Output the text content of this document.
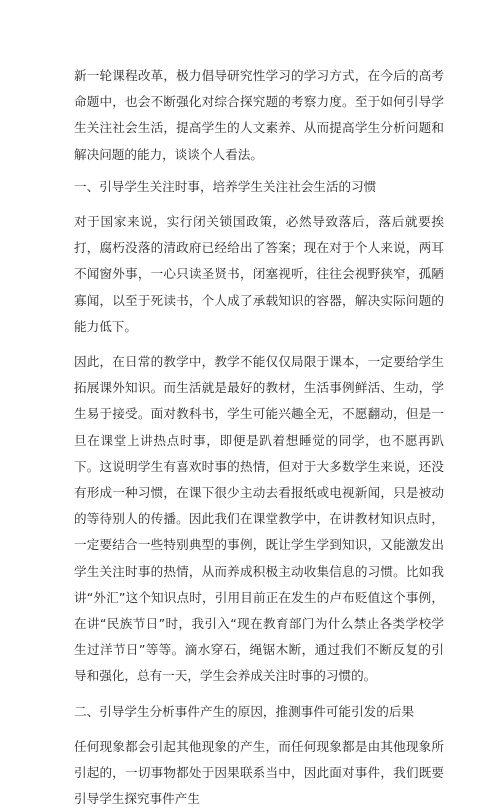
新一轮课程改革，极力倡导研究性学习的学习方式，在今后的高考命题中，也会不断强化对综合探究题的考察力度。至于如何引导学生关注社会生活，提高学生的人文素养、从而提高学生分析问题和解决问题的能力，谈谈个人看法。

一、引导学生关注时事，培养学生关注社会生活的习惯

对于国家来说，实行闭关锁国政策，必然导致落后，落后就要挨打，腐朽没落的清政府已经给出了答案；现在对于个人来说，两耳不闻窗外事，一心只读圣贤书，闭塞视听，往往会视野狭窄，孤陋寡闻，以至于死读书，个人成了承载知识的容器，解决实际问题的能力低下。

因此，在日常的教学中，教学不能仅仅局限于课本，一定要给学生拓展课外知识。而生活就是最好的教材，生活事例鲜活、生动，学生易于接受。面对教科书，学生可能兴趣全无，不愿翻动，但是一旦在课堂上讲热点时事，即便是趴着想睡觉的同学，也不愿再趴下。这说明学生有喜欢时事的热情，但对于大多数学生来说，还没有形成一种习惯，在课下很少主动去看报纸或电视新闻，只是被动的等待别人的传播。因此我们在课堂教学中，在讲教材知识点时，一定要结合一些特别典型的事例，既让学生学到知识，又能激发出学生关注时事的热情，从而养成积极主动收集信息的习惯。比如我讲“外汇”这个知识点时，引用目前正在发生的卢布贬值这个事例，在讲“民族节日”时，我引入“现在教育部门为什么禁止各类学校学生过洋节日”等等。滴水穿石，绳锯木断，通过我们不断反复的引导和强化，总有一天，学生会养成关注时事的习惯的。

二、引导学生分析事件产生的原因，推测事件可能引发的后果

任何现象都会引起其他现象的产生，而任何现象都是由其他现象所引起的，一切事物都处于因果联系当中，因此面对事件，我们既要引导学生探究事件产生
